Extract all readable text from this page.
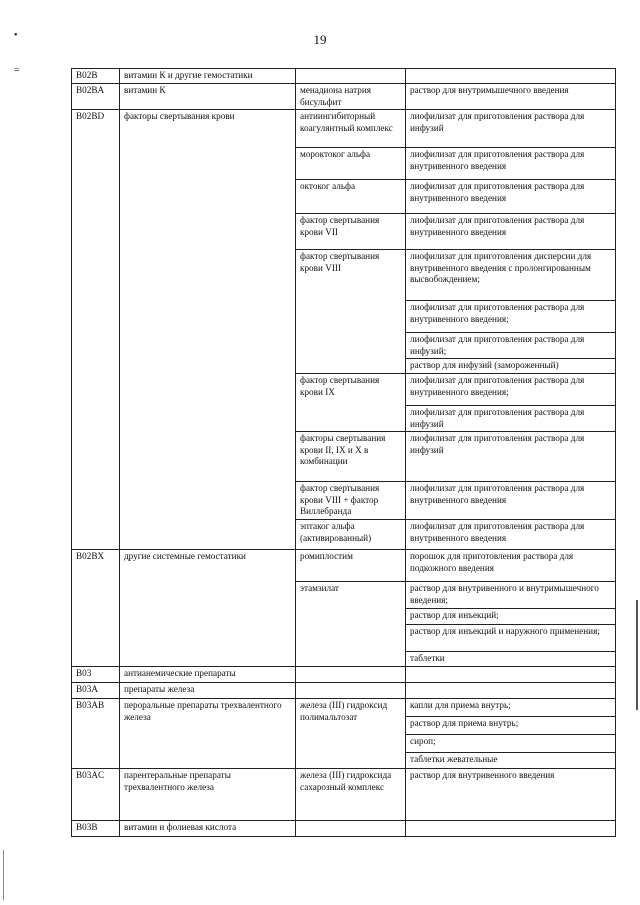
19
•
=	B02B	витамин К и другие гемостатики		
B02BA	витамин К	менадиона натрия бисульфит	раствор для внутримышечного введения
B02BD	факторы свертывания крови	антиингибиторный коагулянтный комплекс	лиофилизат для приготовления раствора для инфузий
		мороктоког альфа	лиофилизат для приготовления раствора для внутривенного введения
		октоког альфа	лиофилизат для приготовления раствора для внутривенного введения
		фактор свертывания крови VII	лиофилизат для приготовления раствора для внутривенного введения
		фактор свертывания крови VIII	лиофилизат для приготовления дисперсии для внутривенного введения с пролонгированным высвобождением;
			лиофилизат для приготовления раствора для внутривенного введения;
			лиофилизат для приготовления раствора для инфузий;
			раствор для инфузий (замороженный)
		фактор свертывания крови IX	лиофилизат для приготовления раствора для внутривенного введения;
			лиофилизат для приготовления раствора для инфузий
		факторы свертывания крови II, IX и X в комбинации	лиофилизат для приготовления раствора для инфузий
		фактор свертывания крови VIII + фактор Виллебранда	лиофилизат для приготовления раствора для внутривенного введения
		эптаког альфа (активированный)	лиофилизат для приготовления раствора для внутривенного введения
B02BX	другие системные гемостатики	ромиплостим	порошок для приготовления раствора для подкожного введения
		этамзилат	раствор для внутривенного и внутримышечного введения;
			раствор для инъекций;
			раствор для инъекций и наружного применения;
			таблетки
B03	антианемические препараты		
B03A	препараты железа		
B03AB	пероральные препараты трехвалентного железа	железа (III) гидроксид полимальтозат	капли для приема внутрь;
			раствор для приема внутрь;
			сироп;
			таблетки жевательные
B03AC	парентеральные препараты трехвалентного железа	железа (III) гидроксида сахарозный комплекс	раствор для внутривенного введения
B03B	витамин и фолиевая кислота		
